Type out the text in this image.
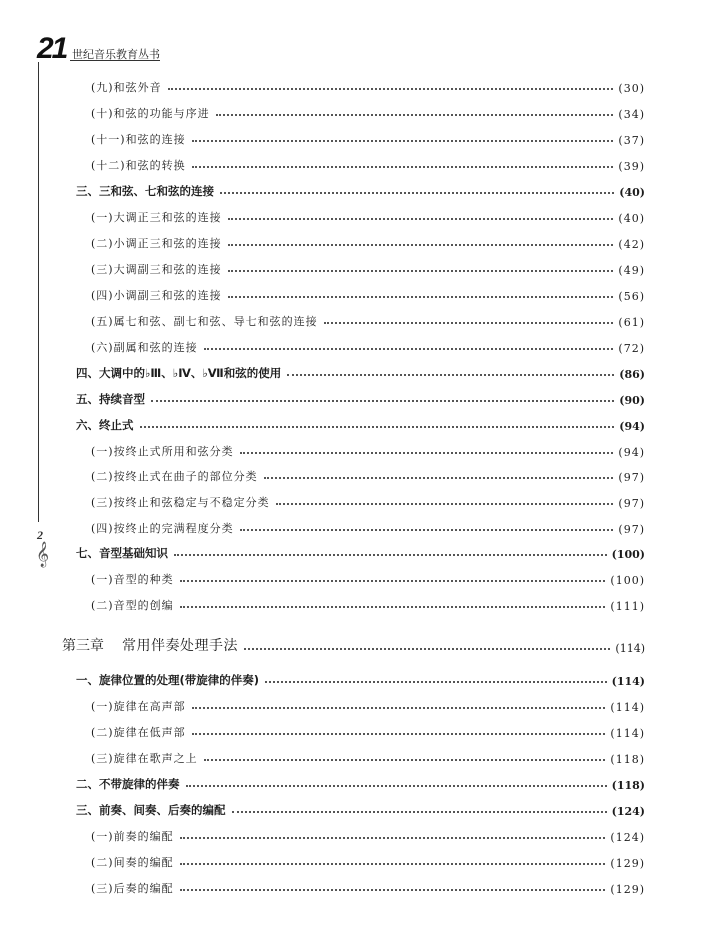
21 世纪音乐教育丛书
2
𝄞
(九)和弦外音	(30)
(十)和弦的功能与序进	(34)
(十一)和弦的连接	(37)
(十二)和弦的转换	(39)
三、三和弦、七和弦的连接	(40)
(一)大调正三和弦的连接	(40)
(二)小调正三和弦的连接	(42)
(三)大调副三和弦的连接	(49)
(四)小调副三和弦的连接	(56)
(五)属七和弦、副七和弦、导七和弦的连接	(61)
(六)副属和弦的连接	(72)
四、大调中的♭Ⅲ、♭Ⅳ、♭Ⅶ和弦的使用	(86)
五、持续音型	(90)
六、终止式	(94)
(一)按终止式所用和弦分类	(94)
(二)按终止式在曲子的部位分类	(97)
(三)按终止和弦稳定与不稳定分类	(97)
(四)按终止的完满程度分类	(97)
七、音型基础知识	(100)
(一)音型的种类	(100)
(二)音型的创编	(111)
第三章	常用伴奏处理手法	(114)
一、旋律位置的处理(带旋律的伴奏)	(114)
(一)旋律在高声部	(114)
(二)旋律在低声部	(114)
(三)旋律在歌声之上	(118)
二、不带旋律的伴奏	(118)
三、前奏、间奏、后奏的编配	(124)
(一)前奏的编配	(124)
(二)间奏的编配	(129)
(三)后奏的编配	(129)
